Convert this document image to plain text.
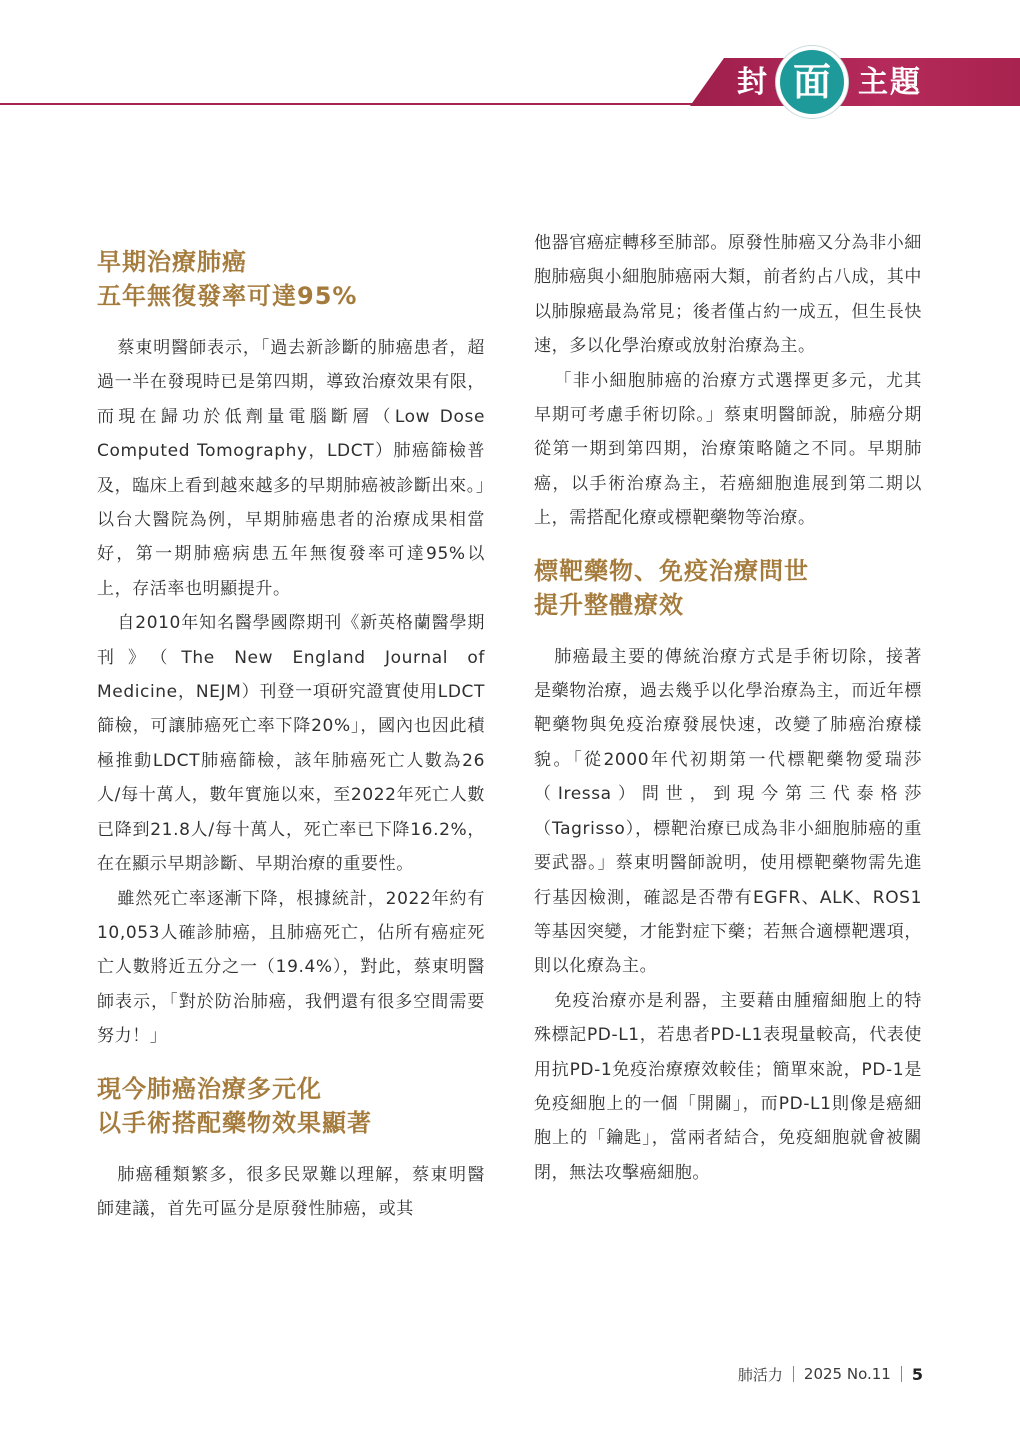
封 面 主題
早期治療肺癌
五年無復發率可達95%

蔡東明醫師表示，「過去新診斷的肺癌患者，超過一半在發現時已是第四期，導致治療效果有限，而現在歸功於低劑量電腦斷層（Low Dose Computed Tomography，LDCT）肺癌篩檢普及，臨床上看到越來越多的早期肺癌被診斷出來。」以台大醫院為例，早期肺癌患者的治療成果相當好，第一期肺癌病患五年無復發率可達95%以上，存活率也明顯提升。

自2010年知名醫學國際期刊《新英格蘭醫學期刊》（The New England Journal of Medicine，NEJM）刊登一項研究證實使用LDCT篩檢，可讓肺癌死亡率下降20%」，國內也因此積極推動LDCT肺癌篩檢，該年肺癌死亡人數為26人/每十萬人，數年實施以來，至2022年死亡人數已降到21.8人/每十萬人，死亡率已下降16.2%，在在顯示早期診斷、早期治療的重要性。

雖然死亡率逐漸下降，根據統計，2022年約有10,053人確診肺癌，且肺癌死亡，佔所有癌症死亡人數將近五分之一（19.4%），對此，蔡東明醫師表示，「對於防治肺癌，我們還有很多空間需要努力！」

現今肺癌治療多元化
以手術搭配藥物效果顯著

肺癌種類繁多，很多民眾難以理解，蔡東明醫師建議，首先可區分是原發性肺癌，或其

他器官癌症轉移至肺部。原發性肺癌又分為非小細胞肺癌與小細胞肺癌兩大類，前者約占八成，其中以肺腺癌最為常見；後者僅占約一成五，但生長快速，多以化學治療或放射治療為主。

「非小細胞肺癌的治療方式選擇更多元，尤其早期可考慮手術切除。」蔡東明醫師說，肺癌分期從第一期到第四期，治療策略隨之不同。早期肺癌，以手術治療為主，若癌細胞進展到第二期以上，需搭配化療或標靶藥物等治療。

標靶藥物、免疫治療問世
提升整體療效

肺癌最主要的傳統治療方式是手術切除，接著是藥物治療，過去幾乎以化學治療為主，而近年標靶藥物與免疫治療發展快速，改變了肺癌治療樣貌。「從2000年代初期第一代標靶藥物愛瑞莎（Iressa）問世，到現今第三代泰格莎（Tagrisso），標靶治療已成為非小細胞肺癌的重要武器。」蔡東明醫師說明，使用標靶藥物需先進行基因檢測，確認是否帶有EGFR、ALK、ROS1等基因突變，才能對症下藥；若無合適標靶選項，則以化療為主。

免疫治療亦是利器，主要藉由腫瘤細胞上的特殊標記PD-L1，若患者PD-L1表現量較高，代表使用抗PD-1免疫治療療效較佳；簡單來說，PD-1是免疫細胞上的一個「開關」，而PD-L1則像是癌細胞上的「鑰匙」，當兩者結合，免疫細胞就會被關閉，無法攻擊癌細胞。

肺活力 2025 No.11 5
